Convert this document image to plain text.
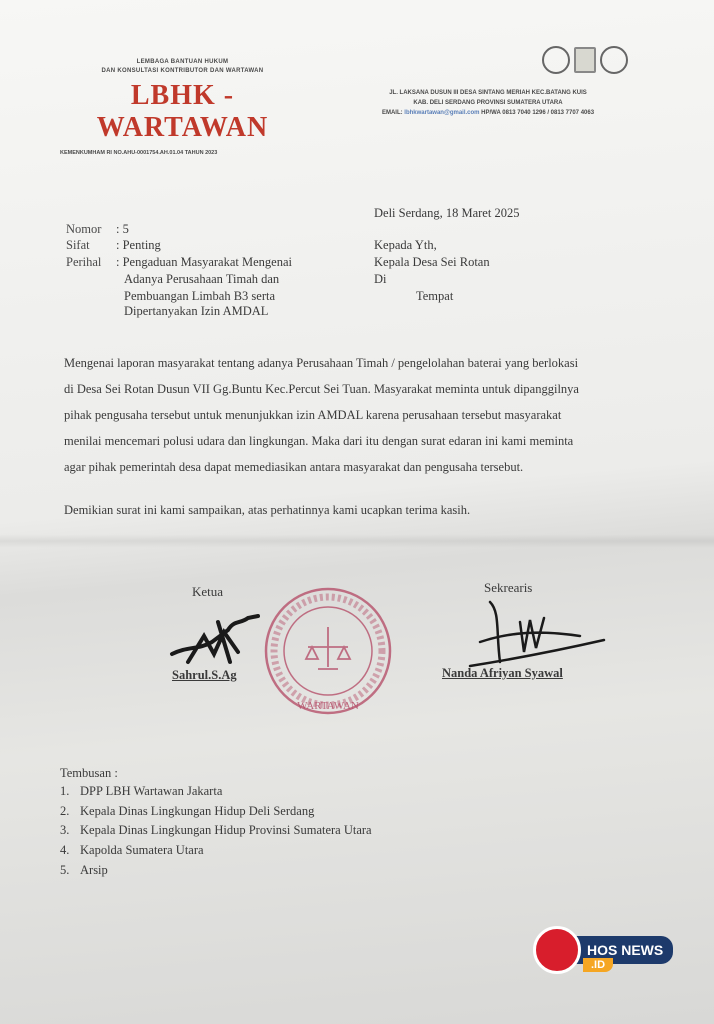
LEMBAGA BANTUAN HUKUM
DAN KONSULTASI KONTRIBUTOR DAN WARTAWAN
LBHK - WARTAWAN
KEMENKUMHAM RI NO.AHU-0001754.AH.01.04 TAHUN 2023
JL. LAKSANA DUSUN III DESA SINTANG MERIAH KEC.BATANG KUIS
KAB. DELI SERDANG PROVINSI SUMATERA UTARA
EMAIL: lbhkwartawan@gmail.com HP/WA 0813 7040 1296 / 0813 7707 4063
Deli Serdang, 18 Maret 2025
Nomor : 5
Sifat : Penting
Perihal : Pengaduan Masyarakat Mengenai
Adanya Perusahaan Timah dan
Pembuangan Limbah B3 serta
Dipertanyakan Izin AMDAL
Kepada Yth,
Kepala Desa Sei Rotan
Di
Tempat
Mengenai laporan masyarakat tentang adanya Perusahaan Timah / pengelolahan baterai yang berlokasi
di Desa Sei Rotan Dusun VII Gg.Buntu Kec.Percut Sei Tuan. Masyarakat meminta untuk dipanggilnya
pihak pengusaha tersebut untuk menunjukkan izin AMDAL karena perusahaan tersebut masyarakat
menilai mencemari polusi udara dan lingkungan. Maka dari itu dengan surat edaran ini kami meminta
agar pihak pemerintah desa dapat memediasikan antara masyarakat dan pengusaha tersebut.
Demikian surat ini kami sampaikan, atas perhatinnya kami ucapkan terima kasih.
Ketua	Sekrearis
Sahrul.S.Ag	Nanda Afriyan Syawal
WARTAWAN
Tembusan :
1. DPP LBH Wartawan Jakarta
2. Kepala Dinas Lingkungan Hidup Deli Serdang
3. Kepala Dinas Lingkungan Hidup Provinsi Sumatera Utara
4. Kapolda Sumatera Utara
5. Arsip
HOS NEWS
.ID
